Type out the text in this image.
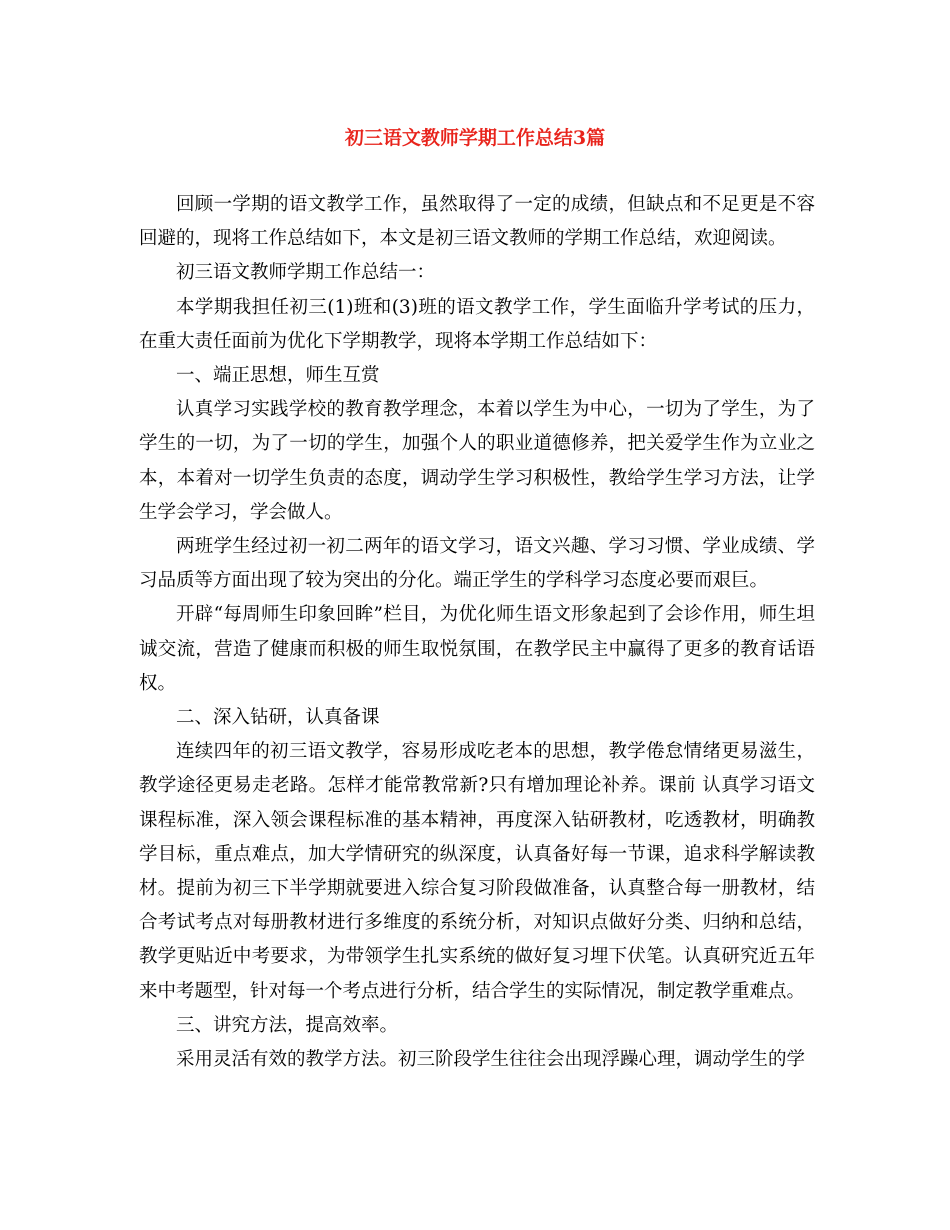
初三语文教师学期工作总结3篇

回顾一学期的语文教学工作，虽然取得了一定的成绩，但缺点和不足更是不容回避的，现将工作总结如下，本文是初三语文教师的学期工作总结，欢迎阅读。

初三语文教师学期工作总结一：

本学期我担任初三(1)班和(3)班的语文教学工作，学生面临升学考试的压力，在重大责任面前为优化下学期教学，现将本学期工作总结如下：

一、端正思想，师生互赏

认真学习实践学校的教育教学理念，本着以学生为中心，一切为了学生，为了学生的一切，为了一切的学生，加强个人的职业道德修养，把关爱学生作为立业之本，本着对一切学生负责的态度，调动学生学习积极性，教给学生学习方法，让学生学会学习，学会做人。

两班学生经过初一初二两年的语文学习，语文兴趣、学习习惯、学业成绩、学习品质等方面出现了较为突出的分化。端正学生的学科学习态度必要而艰巨。

开辟“每周师生印象回眸”栏目，为优化师生语文形象起到了会诊作用，师生坦诚交流，营造了健康而积极的师生取悦氛围，在教学民主中赢得了更多的教育话语权。

二、深入钻研，认真备课

连续四年的初三语文教学，容易形成吃老本的思想，教学倦怠情绪更易滋生，教学途径更易走老路。怎样才能常教常新?只有增加理论补养。课前 认真学习语文课程标准，深入领会课程标准的基本精神，再度深入钻研教材，吃透教材，明确教学目标，重点难点，加大学情研究的纵深度，认真备好每一节课，追求科学解读教材。提前为初三下半学期就要进入综合复习阶段做准备，认真整合每一册教材，结合考试考点对每册教材进行多维度的系统分析，对知识点做好分类、归纳和总结，教学更贴近中考要求，为带领学生扎实系统的做好复习埋下伏笔。认真研究近五年来中考题型，针对每一个考点进行分析，结合学生的实际情况，制定教学重难点。

三、讲究方法，提高效率。

采用灵活有效的教学方法。初三阶段学生往往会出现浮躁心理，调动学生的学
